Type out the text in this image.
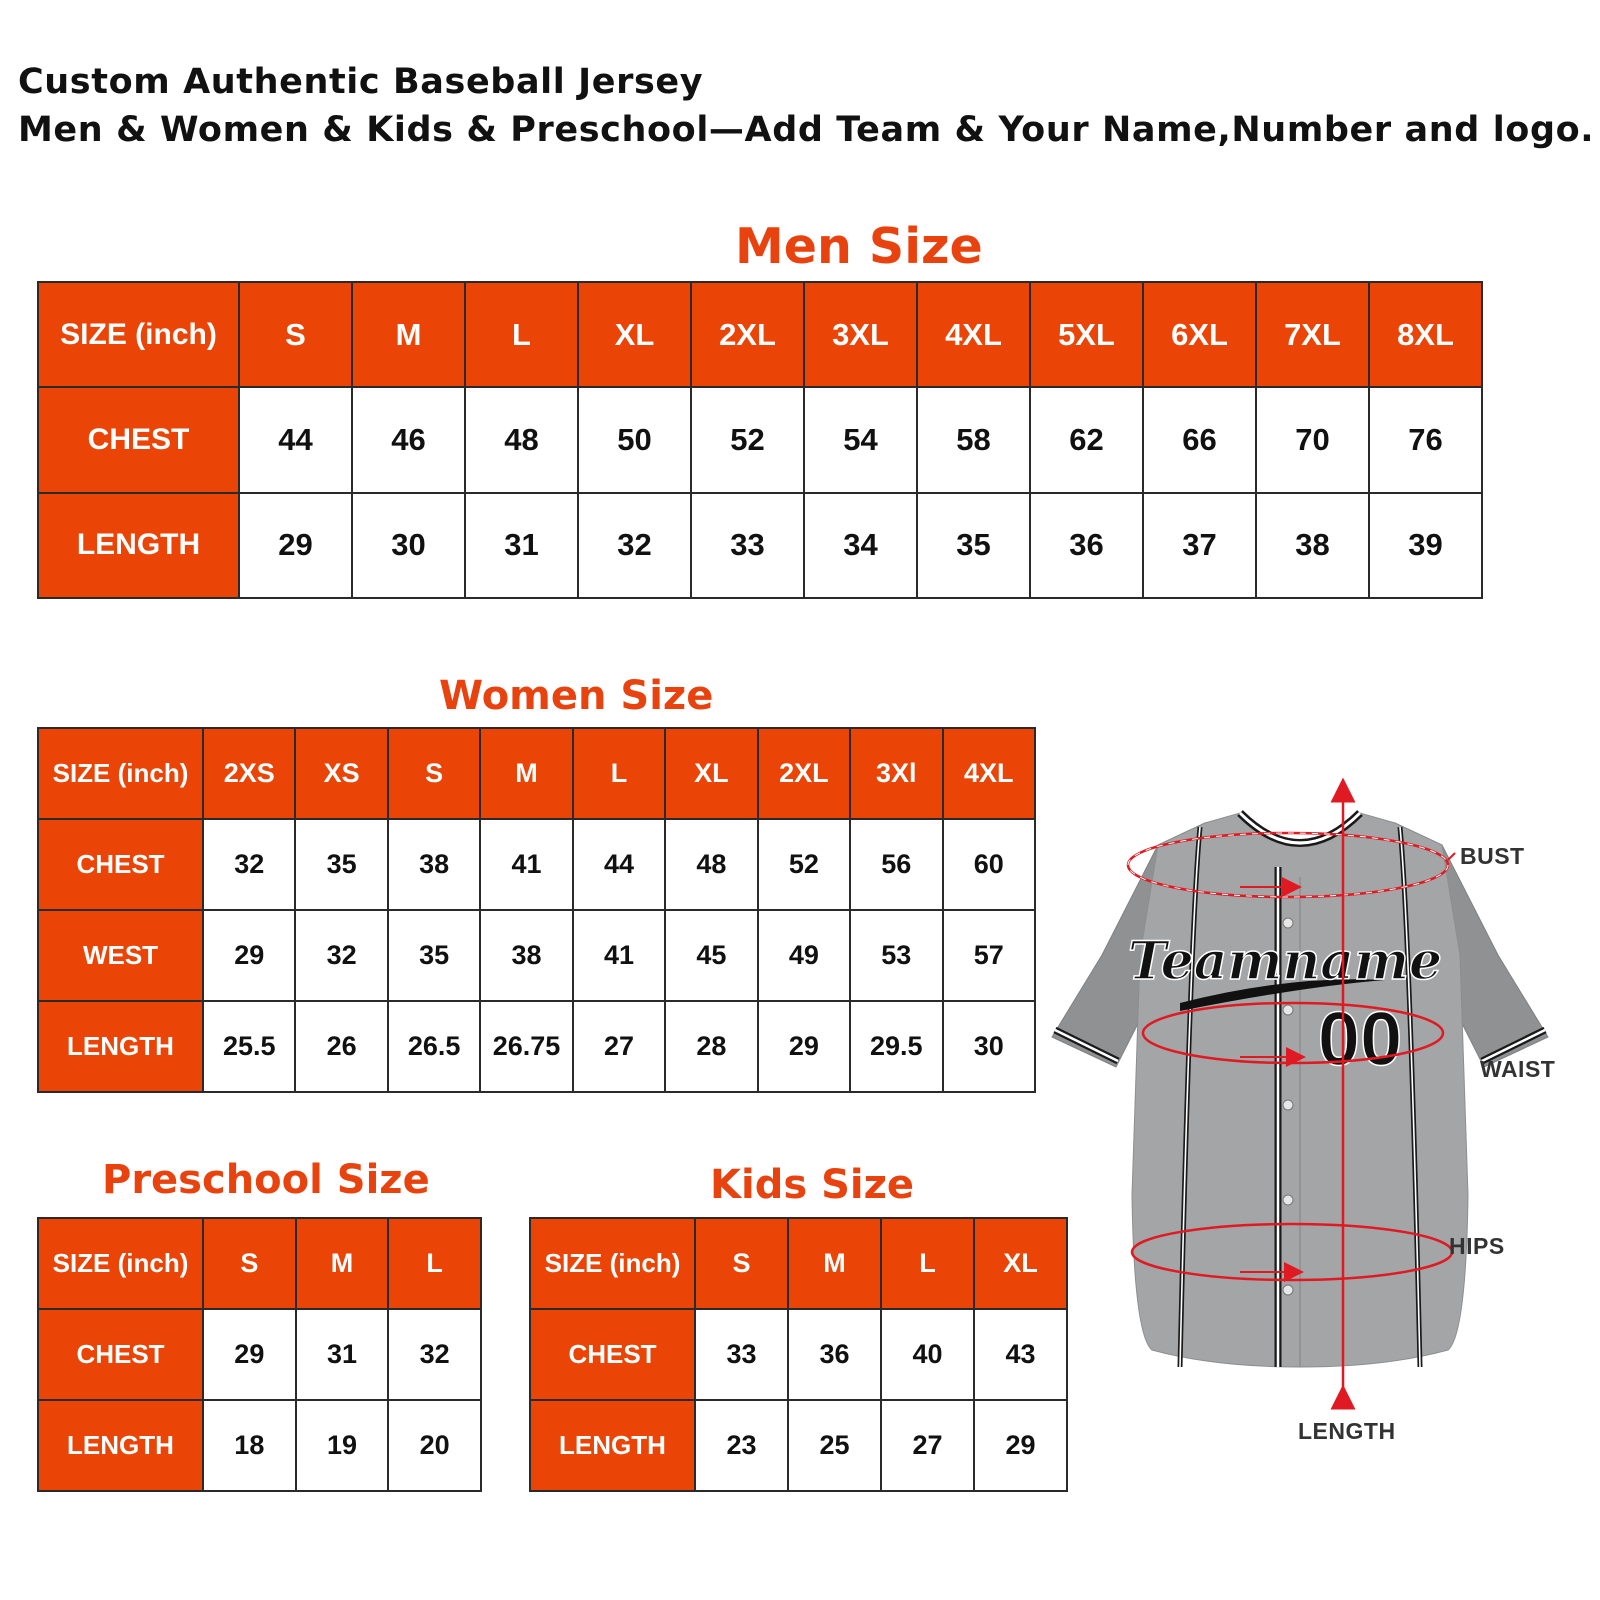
Custom Authentic Baseball Jersey
Men & Women & Kids & Preschool—Add Team & Your Name,Number and logo.
Men Size
SIZE (inch)	S	M	L	XL	2XL	3XL	4XL	5XL	6XL	7XL	8XL
CHEST	44	46	48	50	52	54	58	62	66	70	76
LENGTH	29	30	31	32	33	34	35	36	37	38	39
Women Size
SIZE (inch)	2XS	XS	S	M	L	XL	2XL	3Xl	4XL
CHEST	32	35	38	41	44	48	52	56	60
WEST	29	32	35	38	41	45	49	53	57
LENGTH	25.5	26	26.5	26.75	27	28	29	29.5	30
Preschool Size
SIZE (inch)	S	M	L
CHEST	29	31	32
LENGTH	18	19	20
Kids Size
SIZE (inch)	S	M	L	XL
CHEST	33	36	40	43
LENGTH	23	25	27	29
Teamname
00
BUST
WAIST
HIPS
LENGTH
